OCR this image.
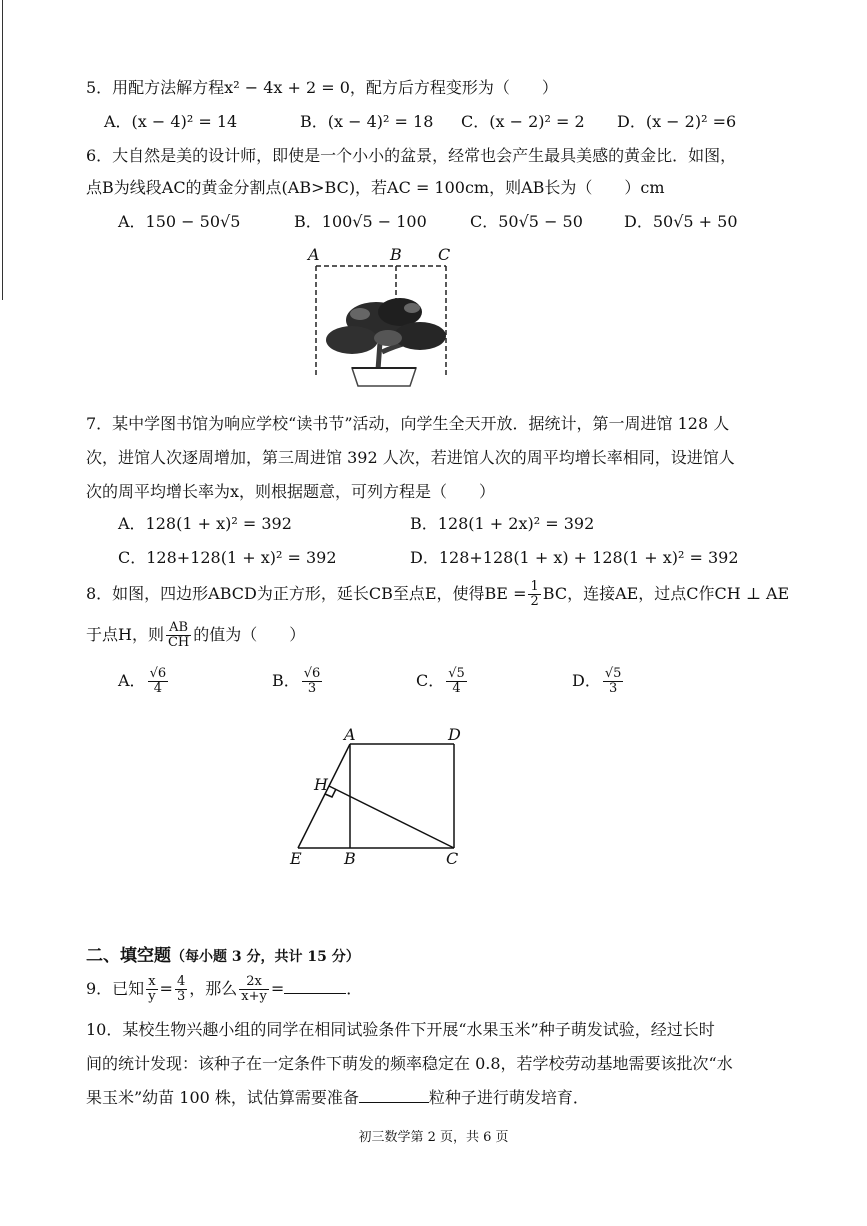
5．用配方法解方程x² − 4x + 2 = 0，配方后方程变形为（　　）
A．(x − 4)² = 14	B．(x − 4)² = 18 C．(x − 2)² = 2 D．(x − 2)² =6
6．大自然是美的设计师，即使是一个小小的盆景，经常也会产生最具美感的黄金比．如图，
点B为线段AC的黄金分割点(AB>BC)，若AC = 100cm，则AB长为（　　）cm
A．150 − 50√5	B．100√5 − 100	C．50√5 − 50	D．50√5 + 50
A	B C
7．某中学图书馆为响应学校“读书节”活动，向学生全天开放．据统计，第一周进馆 128 人
次，进馆人次逐周增加，第三周进馆 392 人次，若进馆人次的周平均增长率相同，设进馆人
次的周平均增长率为x，则根据题意，可列方程是（　　）
A．128(1 + x)² = 392	B．128(1 + 2x)² = 392
C．128+128(1 + x)² = 392	D．128+128(1 + x) + 128(1 + x)² = 392
8．如图，四边形ABCD为正方形，延长CB至点E，使得BE = $\frac{1}{2}$ BC，连接AE，过点C作CH ⊥ AE
于点H，则 $\frac{AB}{CH}$ 的值为（　　）
A． $\frac{√6}{4}$	B． $\frac{√6}{3}$	C． $\frac{√5}{4}$	D． $\frac{√5}{3}$
A	D
H
E	B	C
二、填空题（每小题 3 分，共计 15 分）
9．已知 $\frac{x}{y} = \frac{4}{3}$ ，那么 $\frac{2x}{x+y}$ =	．
10．某校生物兴趣小组的同学在相同试验条件下开展“水果玉米”种子萌发试验，经过长时
间的统计发现：该种子在一定条件下萌发的频率稳定在 0.8，若学校劳动基地需要该批次“水
果玉米”幼苗 100 株，试估算需要准备	粒种子进行萌发培育．
初三数学第 2 页，共 6 页
